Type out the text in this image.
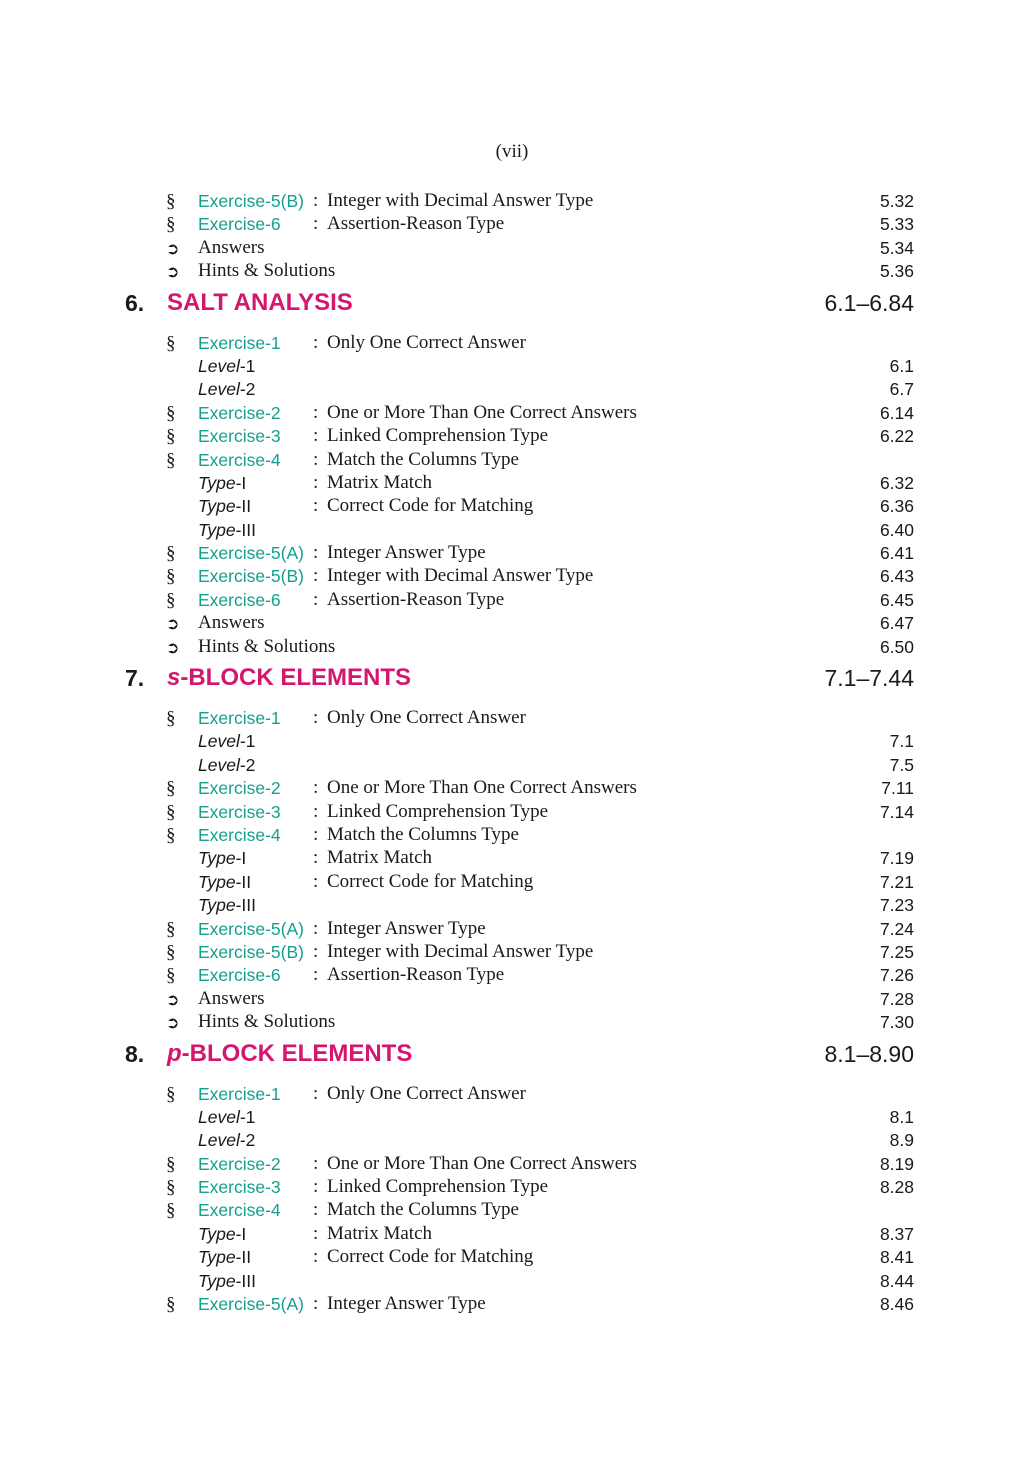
(vii)
§	Exercise-5(B) : Integer with Decimal Answer Type	5.32
§	Exercise-6 : Assertion-Reason Type	5.33
➲ Answers	5.34
➲ Hints & Solutions	5.36
6. SALT ANALYSIS	6.1–6.84
§	Exercise-1 : Only One Correct Answer
Level-1	6.1
Level-2	6.7
§	Exercise-2 : One or More Than One Correct Answers	6.14
§	Exercise-3 : Linked Comprehension Type	6.22
§	Exercise-4 : Match the Columns Type
Type-I	: Matrix Match	6.32
Type-II	: Correct Code for Matching	6.36
Type-III	6.40
§	Exercise-5(A) : Integer Answer Type	6.41
§	Exercise-5(B) : Integer with Decimal Answer Type	6.43
§	Exercise-6 : Assertion-Reason Type	6.45
➲ Answers	6.47
➲ Hints & Solutions	6.50
7. s-BLOCK ELEMENTS	7.1–7.44
§	Exercise-1 : Only One Correct Answer
Level-1	7.1
Level-2	7.5
§	Exercise-2 : One or More Than One Correct Answers	7.11
§	Exercise-3 : Linked Comprehension Type	7.14
§	Exercise-4 : Match the Columns Type
Type-I	: Matrix Match	7.19
Type-II	: Correct Code for Matching	7.21
Type-III	7.23
§	Exercise-5(A) : Integer Answer Type	7.24
§	Exercise-5(B) : Integer with Decimal Answer Type	7.25
§	Exercise-6 : Assertion-Reason Type	7.26
➲ Answers	7.28
➲ Hints & Solutions	7.30
8. p-BLOCK ELEMENTS	8.1–8.90
§	Exercise-1 : Only One Correct Answer
Level-1	8.1
Level-2	8.9
§	Exercise-2 : One or More Than One Correct Answers	8.19
§	Exercise-3 : Linked Comprehension Type	8.28
§	Exercise-4 : Match the Columns Type
Type-I	: Matrix Match	8.37
Type-II	: Correct Code for Matching	8.41
Type-III	8.44
§	Exercise-5(A) : Integer Answer Type	8.46
